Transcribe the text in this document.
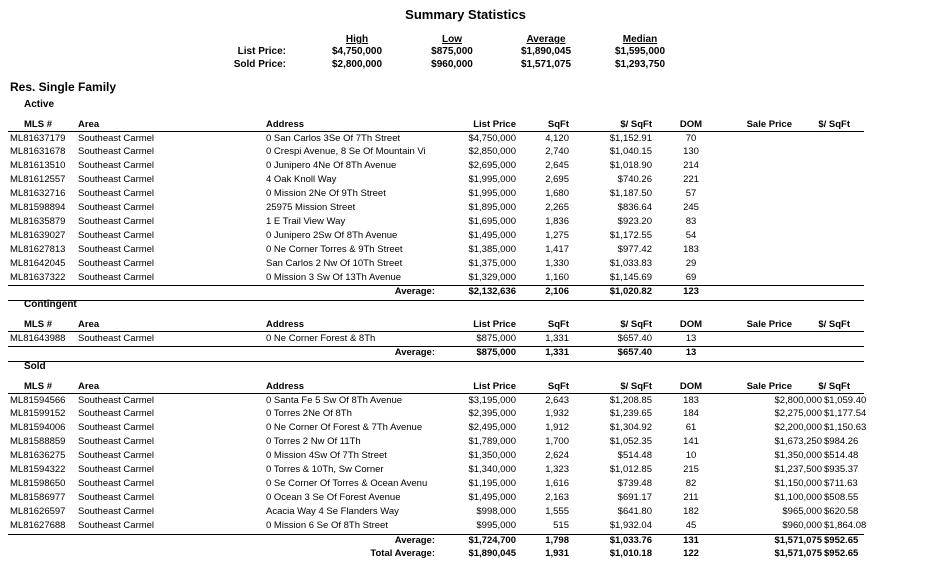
Summary Statistics
High	Low	Average	Median
List Price:	$4,750,000	$875,000	$1,890,045	$1,595,000
Sold Price:	$2,800,000	$960,000	$1,571,075	$1,293,750
Res. Single Family
Active
MLS #	Area	Address	List Price	SqFt	$/ SqFt	DOM	Sale Price	$/ SqFt
ML81637179	Southeast Carmel	0 San Carlos 3Se Of 7Th Street	$4,750,000	4,120	$1,152.91	70
ML81631678	Southeast Carmel	0 Crespi Avenue, 8 Se Of Mountain Vi	$2,850,000	2,740	$1,040.15	130
ML81613510	Southeast Carmel	0 Junipero 4Ne Of 8Th Avenue	$2,695,000	2,645	$1,018.90	214
ML81612557	Southeast Carmel	4 Oak Knoll Way	$1,995,000	2,695	$740.26	221
ML81632716	Southeast Carmel	0 Mission 2Ne Of 9Th Street	$1,995,000	1,680	$1,187.50	57
ML81598894	Southeast Carmel	25975 Mission Street	$1,895,000	2,265	$836.64	245
ML81635879	Southeast Carmel	1 E Trail View Way	$1,695,000	1,836	$923.20	83
ML81639027	Southeast Carmel	0 Junipero 2Sw Of 8Th Avenue	$1,495,000	1,275	$1,172.55	54
ML81627813	Southeast Carmel	0 Ne Corner Torres & 9Th Street	$1,385,000	1,417	$977.42	183
ML81642045	Southeast Carmel	San Carlos 2 Nw Of 10Th Street	$1,375,000	1,330	$1,033.83	29
ML81637322	Southeast Carmel	0 Mission 3 Sw Of 13Th Avenue	$1,329,000	1,160	$1,145.69	69
Average:	$2,132,636	2,106	$1,020.82	123
Contingent
MLS #	Area	Address	List Price	SqFt	$/ SqFt	DOM	Sale Price	$/ SqFt
ML81643988	Southeast Carmel	0 Ne Corner Forest & 8Th	$875,000	1,331	$657.40	13
Average:	$875,000	1,331	$657.40	13
Sold
MLS #	Area	Address	List Price	SqFt	$/ SqFt	DOM	Sale Price	$/ SqFt
ML81594566	Southeast Carmel	0 Santa Fe 5 Sw Of 8Th Avenue	$3,195,000	2,643	$1,208.85	183	$2,800,000 $1,059.40
ML81599152	Southeast Carmel	0 Torres 2Ne Of 8Th	$2,395,000	1,932	$1,239.65	184	$2,275,000 $1,177.54
ML81594006	Southeast Carmel	0 Ne Corner Of Forest & 7Th Avenue	$2,495,000	1,912	$1,304.92	61	$2,200,000 $1,150.63
ML81588859	Southeast Carmel	0 Torres 2 Nw Of 11Th	$1,789,000	1,700	$1,052.35	141	$1,673,250 $984.26
ML81636275	Southeast Carmel	0 Mission 4Sw Of 7Th Street	$1,350,000	2,624	$514.48	10	$1,350,000 $514.48
ML81594322	Southeast Carmel	0 Torres & 10Th, Sw Corner	$1,340,000	1,323	$1,012.85	215	$1,237,500 $935.37
ML81598650	Southeast Carmel	0 Se Corner Of Torres & Ocean Avenu	$1,195,000	1,616	$739.48	82	$1,150,000 $711.63
ML81586977	Southeast Carmel	0 Ocean 3 Se Of Forest Avenue	$1,495,000	2,163	$691.17	211	$1,100,000 $508.55
ML81626597	Southeast Carmel	Acacia Way 4 Se Flanders Way	$998,000	1,555	$641.80	182	$965,000 $620.58
ML81627688	Southeast Carmel	0 Mission 6 Se Of 8Th Street	$995,000	515	$1,932.04	45	$960,000 $1,864.08
Average:	$1,724,700	1,798	$1,033.76	131	$1,571,075 $952.65
Total Average:	$1,890,045	1,931	$1,010.18	122	$1,571,075 $952.65
